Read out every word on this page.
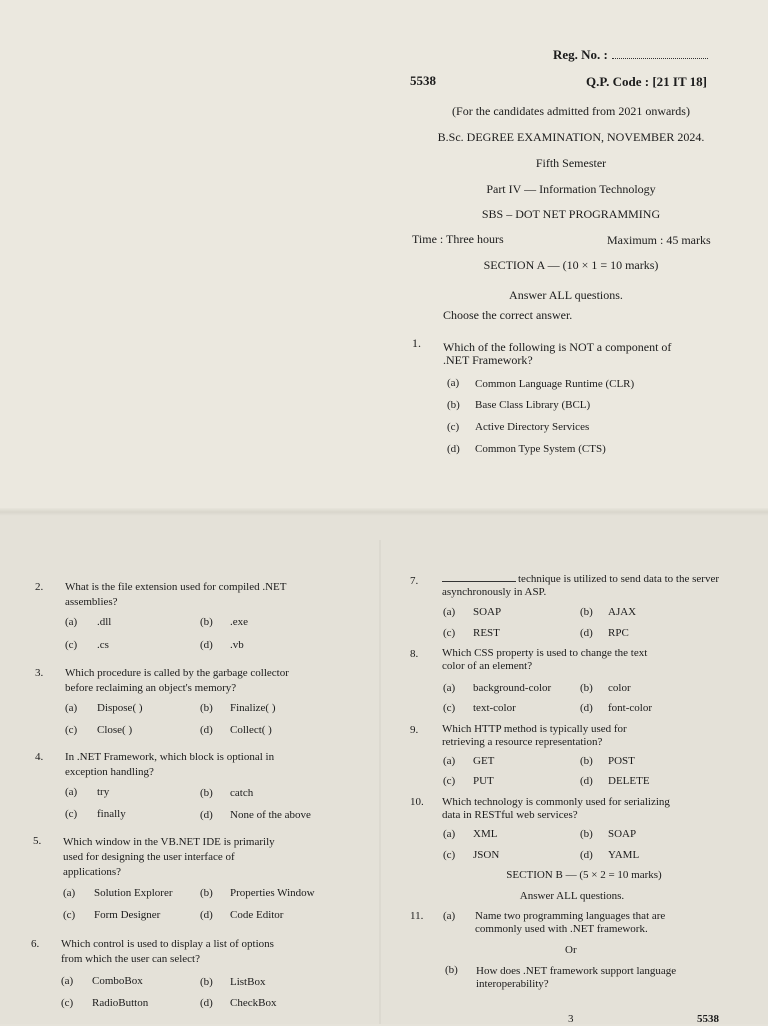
Reg. No. :
5538	Q.P. Code : [21 IT 18]
(For the candidates admitted from 2021 onwards)
B.Sc. DEGREE EXAMINATION, NOVEMBER 2024.
Fifth Semester
Part IV — Information Technology
SBS – DOT NET PROGRAMMING
Time : Three hours	Maximum : 45 marks
SECTION A — (10 × 1 = 10 marks)
Answer ALL questions.
Choose the correct answer.
1. Which of the following is NOT a component of
.NET Framework?
(a) Common Language Runtime (CLR)
(b) Base Class Library (BCL)
(c) Active Directory Services
(d) Common Type System (CTS)
2. What is the file extension used for compiled .NET
assemblies?
(a) .dll	(b) .exe
(c) .cs	(d) .vb
3. Which procedure is called by the garbage collector
before reclaiming an object's memory?
(a) Dispose( )	(b) Finalize( )
(c) Close( )	(d) Collect( )
4. In .NET Framework, which block is optional in
exception handling?
(a) try	(b) catch
(c) finally	(d) None of the above
5. Which window in the VB.NET IDE is primarily
used for designing the user interface of
applications?
(a) Solution Explorer (b) Properties Window
(c) Form Designer	(d) Code Editor
6. Which control is used to display a list of options
from which the user can select?
(a) ComboBox	(b) ListBox
(c) RadioButton	(d) CheckBox
7.	technique is utilized to send data to the server
asynchronously in ASP.
(a) SOAP	(b) AJAX
(c) REST	(d) RPC
8. Which CSS property is used to change the text
color of an element?
(a) background-color	(b) color
(c) text-color	(d) font-color
9. Which HTTP method is typically used for
retrieving a resource representation?
(a) GET	(b) POST
(c) PUT	(d) DELETE
10. Which technology is commonly used for serializing
data in RESTful web services?
(a) XML	(b) SOAP
(c) JSON	(d) YAML
SECTION B — (5 × 2 = 10 marks)
Answer ALL questions.
11. (a) Name two programming languages that are
commonly used with .NET framework.
Or
(b) How does .NET framework support language
interoperability?
3	5538
